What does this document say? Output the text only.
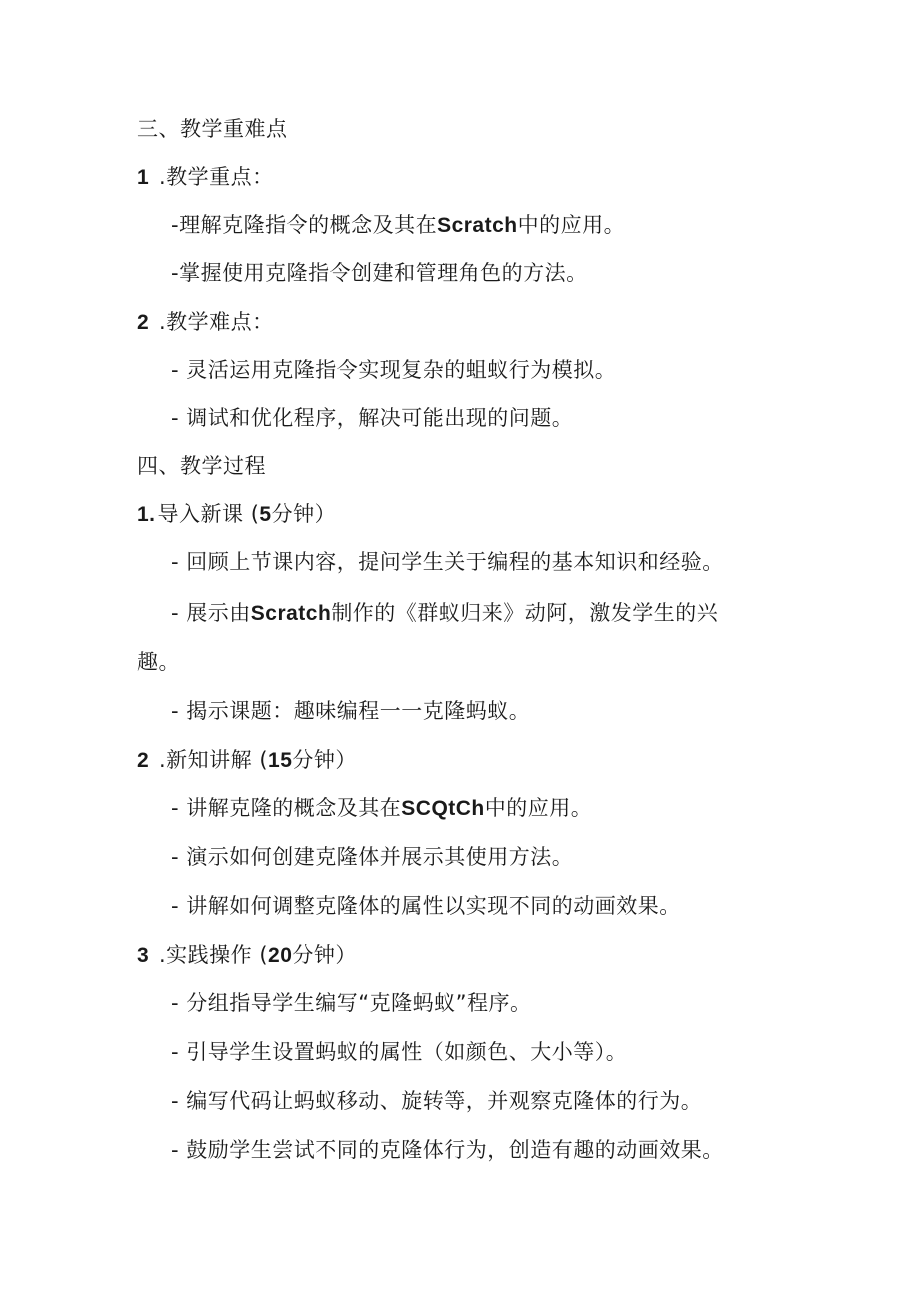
三、教学重难点
1 .教学重点：
-理解克隆指令的概念及其在Scratch中的应用。
-掌握使用克隆指令创建和管理角色的方法。
2 .教学难点：
- 灵活运用克隆指令实现复杂的蛆蚁行为模拟。
- 调试和优化程序，解决可能出现的问题。
四、教学过程
1.导入新课 (5分钟）
- 回顾上节课内容，提问学生关于编程的基本知识和经验。
- 展示由Scratch制作的《群蚁归来》动阿，激发学生的兴
趣。
- 揭示课题：趣味编程一一克隆蚂蚁。
2 .新知讲解 (15分钟）
- 讲解克隆的概念及其在SCQtCh中的应用。
- 演示如何创建克隆体并展示其使用方法。
- 讲解如何调整克隆体的属性以实现不同的动画效果。
3 .实践操作 (20分钟）
- 分组指导学生编写“克隆蚂蚁”程序。
- 引导学生设置蚂蚁的属性（如颜色、大小等）。
- 编写代码让蚂蚁移动、旋转等，并观察克隆体的行为。
- 鼓励学生尝试不同的克隆体行为，创造有趣的动画效果。
